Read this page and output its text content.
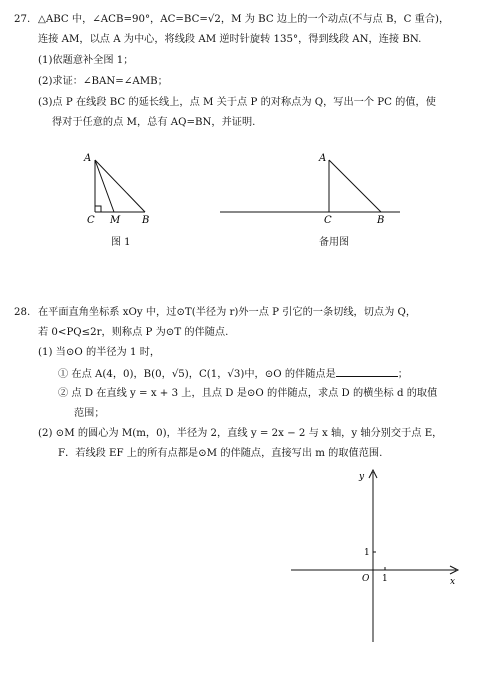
27. △ABC 中，∠ACB=90°，AC=BC=√2，M 为 BC 边上的一个动点(不与点 B，C 重合)，
连接 AM，以点 A 为中心，将线段 AM 逆时针旋转 135°，得到线段 AN，连接 BN.
(1)依题意补全图 1；
(2)求证：∠BAN=∠AMB；
(3)点 P 在线段 BC 的延长线上，点 M 关于点 P 的对称点为 Q，写出一个 PC 的值，使
得对于任意的点 M，总有 AQ=BN，并证明.
A
C M B
图 1
A
C	B
备用图
28. 在平面直角坐标系 xOy 中，过⊙T(半径为 r)外一点 P 引它的一条切线，切点为 Q，
若 0<PQ≤2r，则称点 P 为⊙T 的伴随点.
(1) 当⊙O 的半径为 1 时，
① 在点 A(4，0)，B(0，√5)，C(1，√3)中，⊙O 的伴随点是	；
② 点 D 在直线 y = x + 3 上，且点 D 是⊙O 的伴随点，求点 D 的横坐标 d 的取值
范围；
(2) ⊙M 的圆心为 M(m，0)，半径为 2，直线 y = 2x − 2 与 x 轴，y 轴分别交于点 E，
F．若线段 EF 上的所有点都是⊙M 的伴随点，直接写出 m 的取值范围.
x
y
O 1
1
